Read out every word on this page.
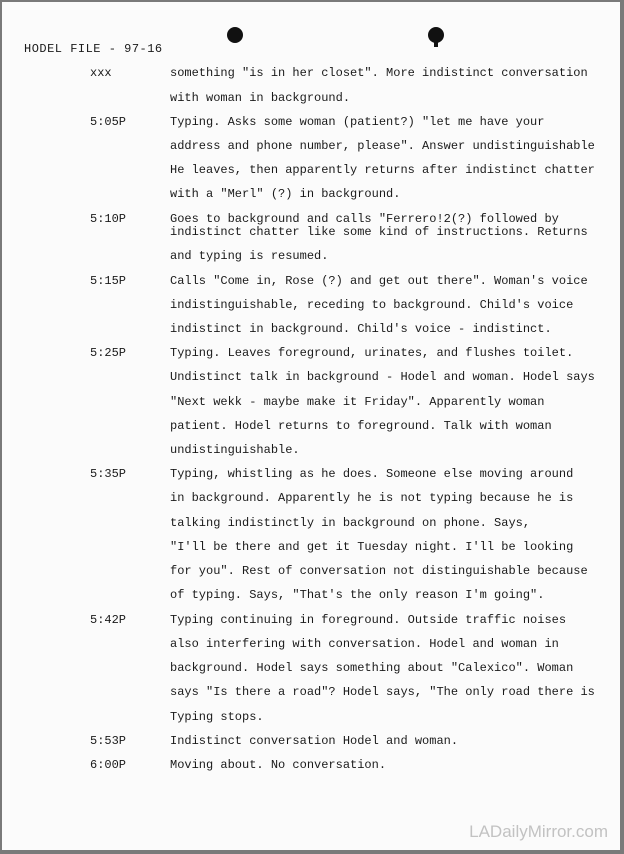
HODEL FILE - 97-16
xxx	something "is in her closet". More indistinct conversation
with woman in background.
5:05P	Typing. Asks some woman (patient?) "let me have your
address and phone number, please". Answer undistinguishable
He leaves, then apparently returns after indistinct chatter
with a "Merl" (?) in background.
5:10P	Goes to background and calls "Ferrero!2(?) followed by
indistinct chatter like some kind of instructions. Returns
and typing is resumed.
5:15P	Calls "Come in, Rose (?) and get out there". Woman's voice
indistinguishable, receding to background. Child's voice
indistinct in background. Child's voice - indistinct.
5:25P	Typing. Leaves foreground, urinates, and flushes toilet.
Undistinct talk in background - Hodel and woman. Hodel says
"Next wekk - maybe make it Friday". Apparently woman
patient. Hodel returns to foreground. Talk with woman
undistinguishable.
5:35P	Typing, whistling as he does. Someone else moving around
in background. Apparently he is not typing because he is
talking indistinctly in background on phone. Says,
"I'll be there and get it Tuesday night. I'll be looking
for you". Rest of conversation not distinguishable because
of typing. Says, "That's the only reason I'm going".
5:42P	Typing continuing in foreground. Outside traffic noises
also interfering with conversation. Hodel and woman in
background. Hodel says something about "Calexico". Woman
says "Is there a road"? Hodel says, "The only road there is
Typing stops.
5:53P	Indistinct conversation Hodel and woman.
6:00P	Moving about. No conversation.
LADailyMirror.com
